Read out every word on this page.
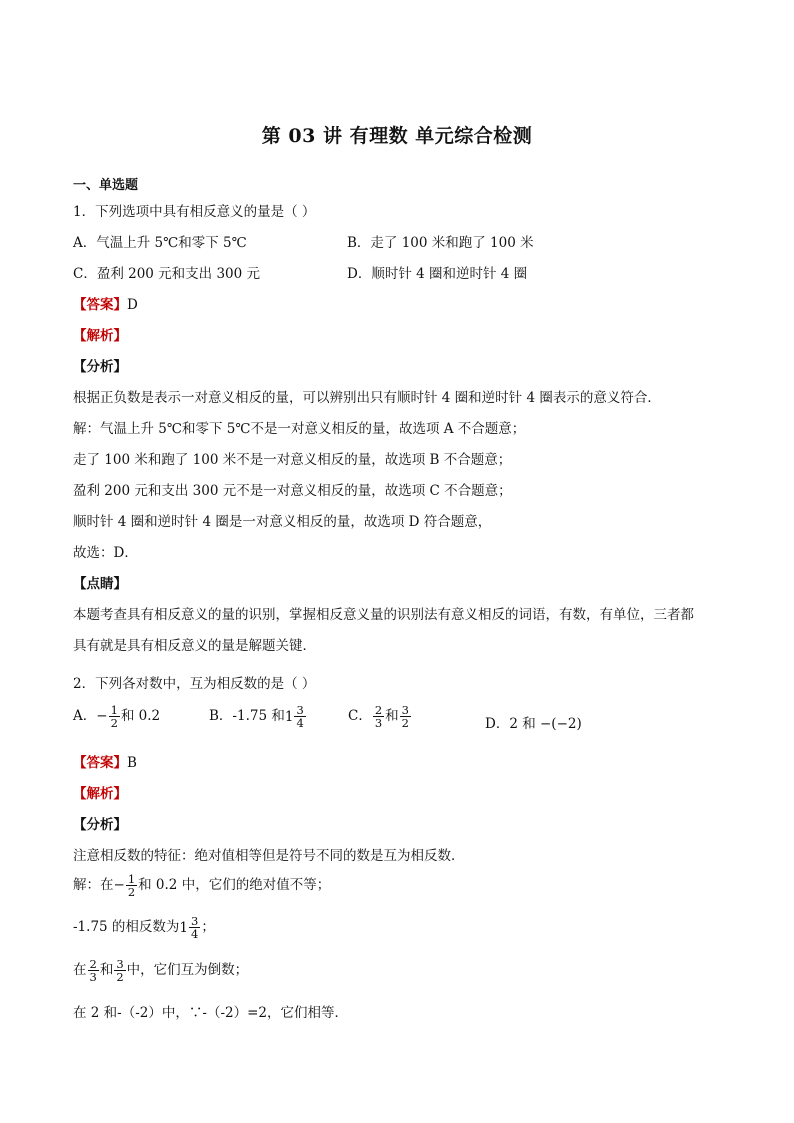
第 03 讲 有理数 单元综合检测
一、单选题
1．下列选项中具有相反意义的量是（ ）
A．气温上升 5℃和零下 5℃	B．走了 100 米和跑了 100 米
C．盈利 200 元和支出 300 元	D．顺时针 4 圈和逆时针 4 圈
【答案】D
【解析】
【分析】
根据正负数是表示一对意义相反的量，可以辨别出只有顺时针 4 圈和逆时针 4 圈表示的意义符合．
解：气温上升 5℃和零下 5℃不是一对意义相反的量，故选项 A 不合题意；
走了 100 米和跑了 100 米不是一对意义相反的量，故选项 B 不合题意；
盈利 200 元和支出 300 元不是一对意义相反的量，故选项 C 不合题意；
顺时针 4 圈和逆时针 4 圈是一对意义相反的量，故选项 D 符合题意，
故选：D．
【点睛】
本题考查具有相反意义的量的识别，掌握相反意义量的识别法有意义相反的词语，有数，有单位，三者都
具有就是具有相反意义的量是解题关键．
2．下列各对数中，互为相反数的是（ ）
A．− $\frac{1}{2}$ 和 0.2	B．-1.75 和 $1 \frac{3}{4}$	C． $\frac{2}{3}$ 和 $\frac{3}{2}$	D．2 和 −(−2)
【答案】B
【解析】
【分析】
注意相反数的特征：绝对值相等但是符号不同的数是互为相反数．
解：在− $\frac{1}{2}$ 和 0.2 中，它们的绝对值不等；
-1.75 的相反数为 $1 \frac{3}{4}$ ；
在 $\frac{2}{3}$ 和 $\frac{3}{2}$ 中，它们互为倒数；
在 2 和-（-2）中，∵-（-2）=2，它们相等．
